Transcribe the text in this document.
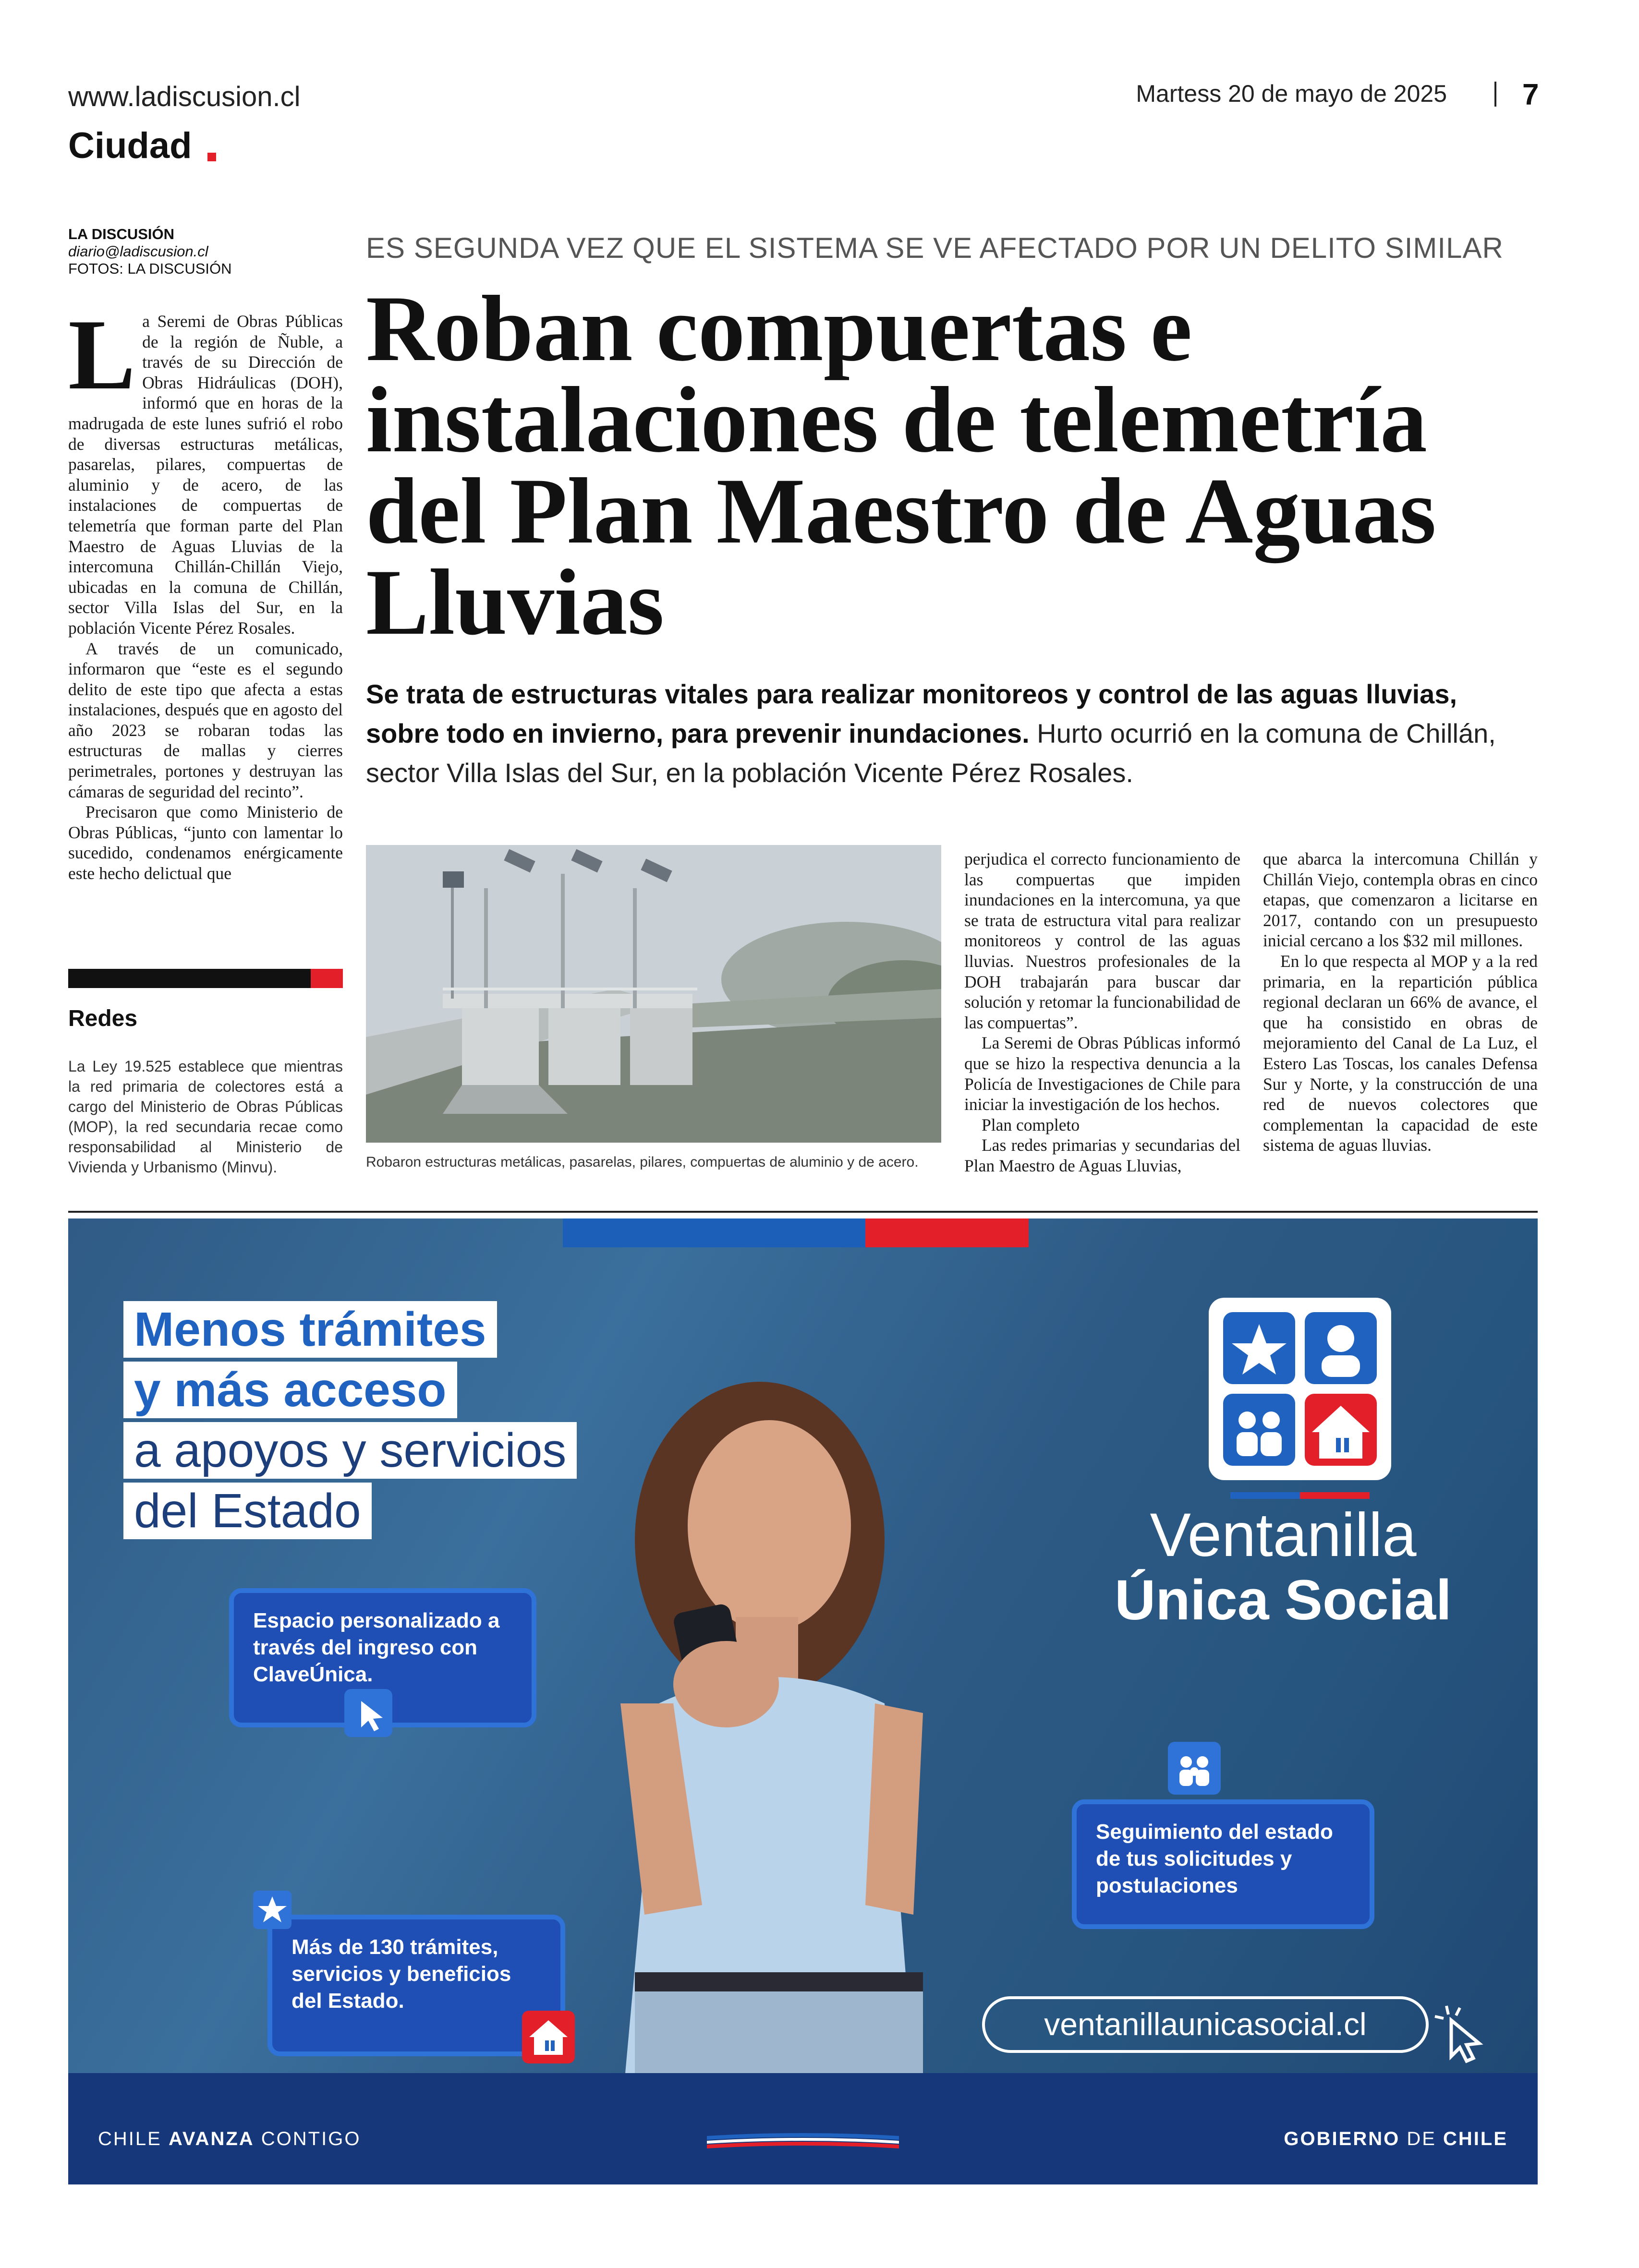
www.ladiscusion.cl	Martess 20 de mayo de 2025	7
Ciudad
LA DISCUSIÓN
diario@ladiscusion.cl
FOTOS: LA DISCUSIÓN
ES SEGUNDA VEZ QUE EL SISTEMA SE VE AFECTADO POR UN DELITO SIMILAR
Roban compuertas e instalaciones de telemetría del Plan Maestro de Aguas Lluvias
Se trata de estructuras vitales para realizar monitoreos y control de las aguas lluvias, sobre todo en invierno, para prevenir inundaciones. Hurto ocurrió en la comuna de Chillán, sector Villa Islas del Sur, en la población Vicente Pérez Rosales.
L a Seremi de Obras Públicas de la región de Ñuble, a través de su Dirección de Obras Hidráulicas (DOH), informó que en horas de la madrugada de este lunes sufrió el robo de diversas estructuras metálicas, pasarelas, pilares, compuertas de aluminio y de acero, de las instalaciones de compuertas de telemetría que forman parte del Plan Maestro de Aguas Lluvias de la intercomuna Chillán-Chillán Viejo, ubicadas en la comuna de Chillán, sector Villa Islas del Sur, en la población Vicente Pérez Rosales.

A través de un comunicado, informaron que “este es el segundo delito de este tipo que afecta a estas instalaciones, después que en agosto del año 2023 se robaran todas las estructuras de mallas y cierres perimetrales, portones y destruyan las cámaras de seguridad del recinto”.

Precisaron que como Ministerio de Obras Públicas, “junto con lamentar lo sucedido, condenamos enérgicamente este hecho delictual que

Redes
La Ley 19.525 establece que mientras la red primaria de colectores está a cargo del Ministerio de Obras Públicas (MOP), la red secundaria recae como responsabilidad al Ministerio de Vivienda y Urbanismo (Minvu).	Robaron estructuras metálicas, pasarelas, pilares, compuertas de aluminio y de acero.

perjudica el correcto funcionamiento de las compuertas que impiden inundaciones en la intercomuna, ya que se trata de estructura vital para realizar monitoreos y control de las aguas lluvias. Nuestros profesionales de la DOH trabajarán para buscar dar solución y retomar la funcionabilidad de las compuertas”.

La Seremi de Obras Públicas informó que se hizo la respectiva denuncia a la Policía de Investigaciones de Chile para iniciar la investigación de los hechos.

Plan completo

Las redes primarias y secundarias del Plan Maestro de Aguas Lluvias,

que abarca la intercomuna Chillán y Chillán Viejo, contempla obras en cinco etapas, que comenzaron a licitarse en 2017, contando con un presupuesto inicial cercano a los $32 mil millones.

En lo que respecta al MOP y a la red primaria, en la repartición pública regional declaran un 66% de avance, el que ha consistido en obras de mejoramiento del Canal de La Luz, el Estero Las Toscas, los canales Defensa Sur y Norte, y la construcción de una red de nuevos colectores que complementan la capacidad de este sistema de aguas lluvias.

Menos trámites
y más acceso
a apoyos y servicios
del Estado
Espacio personalizado a través del ingreso con ClaveÚnica.
Más de 130 trámites, servicios y beneficios del Estado.
Seguimiento del estado de tus solicitudes y postulaciones
Ventanilla
Única Social
ventanillaunicasocial.cl
CHILE AVANZA CONTIGO	GOBIERNO DE CHILE
